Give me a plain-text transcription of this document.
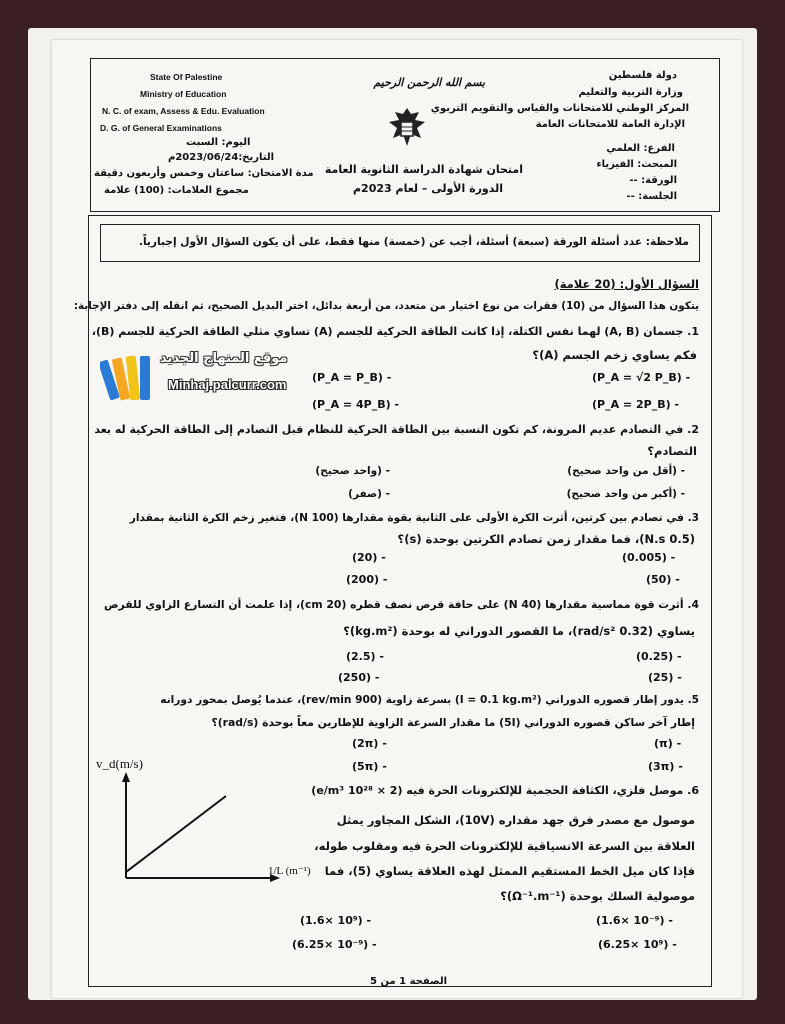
State Of Palestine
Ministry of Education
N. C. of exam, Assess & Edu. Evaluation
D. G. of General Examinations
دولة فلسطين
وزارة التربية والتعليم
المركز الوطني للامتحانات والقياس والتقويم التربوي
الإدارة العامة للامتحانات العامة
بسم الله الرحمن الرحيم
امتحان شهادة الدراسة الثانوية العامة
الدورة الأولى – لعام 2023م
الفرع: العلمي
المبحث: الفيزياء
الورقة: --
الجلسة: --
اليوم: السبت
التاريخ:2023/06/24م
مدة الامتحان: ساعتان وخمس وأربعون دقيقة
مجموع العلامات: (100) علامة
ملاحظة: عدد أسئلة الورقة (سبعة) أسئلة، أجب عن (خمسة) منها فقط، على أن يكون السؤال الأول إجبارياً.
السؤال الأول: (20 علامة)
يتكون هذا السؤال من (10) فقرات من نوع اختيار من متعدد، من أربعة بدائل، اختر البديل الصحيح، ثم انقله إلى دفتر الإجابة:
1. جسمان (A, B) لهما نفس الكتلة، إذا كانت الطاقة الحركية للجسم (A) تساوي مثلي الطاقة الحركية للجسم (B)،
فكم يساوي زخم الجسم (A)؟
(P_A = √2 P_B) -
(P_A = P_B) -
(P_A = 2P_B) -
(P_A = 4P_B) -
موقع المنهاج الجديد
Minhaj.palcurr.com
2. في التصادم عديم المرونة، كم تكون النسبة بين الطاقة الحركية للنظام قبل التصادم إلى الطاقة الحركية له بعد
التصادم؟
- (أقل من واحد صحيح)
- (واحد صحيح)
- (أكبر من واحد صحيح)
- (صفر)
3. في تصادم بين كرتين، أثرت الكرة الأولى على الثانية بقوة مقدارها (100 N)، فتغير زخم الكرة الثانية بمقدار
(0.5 N.s)، فما مقدار زمن تصادم الكرتين بوحدة (s)؟
(0.005) -
(20) -
(50) -
(200) -
4. أثرت قوة مماسية مقدارها (40 N) على حافة قرص نصف قطره (20 cm)، إذا علمت أن التسارع الزاوي للقرص
يساوي (0.32 rad/s²)، ما القصور الدوراني له بوحدة (kg.m²)؟
(0.25) -
(2.5) -
(25) -
(250) -
5. يدور إطار قصوره الدوراني (I = 0.1 kg.m²) بسرعة زاوية (900 rev/min)، عندما يُوصل بمحور دورانه
إطار آخر ساكن قصوره الدوراني (5I) ما مقدار السرعة الزاوية للإطارين معاً بوحدة (rad/s)؟
(π) -
(2π) -
(3π) -
(5π) -
v_d(m/s)
1/L (m⁻¹)
6. موصل فلزي، الكثافة الحجمية للإلكترونات الحرة فيه (2 × 10²⁸ e/m³)
موصول مع مصدر فرق جهد مقداره (10V)، الشكل المجاور يمثل
العلاقة بين السرعة الانسياقية للإلكترونات الحرة فيه ومقلوب طوله،
فإذا كان ميل الخط المستقيم الممثل لهذه العلاقة يساوي (5)، فما
موصولية السلك بوحدة (Ω⁻¹.m⁻¹)؟
(1.6× 10⁻⁹) -
(1.6× 10⁹) -
(6.25× 10⁹) -
(6.25× 10⁻⁹) -
الصفحة 1 من 5
